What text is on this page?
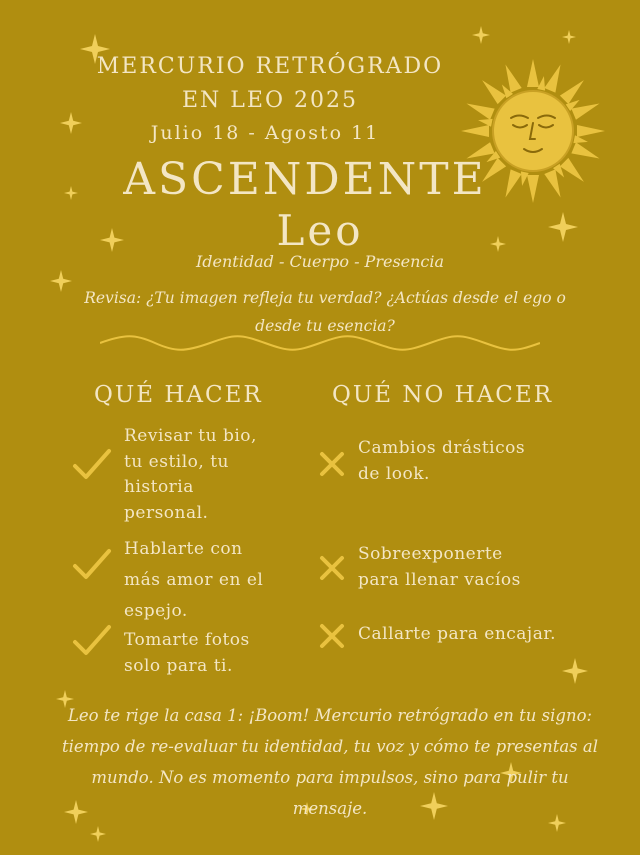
MERCURIO RETRÓGRADO
EN LEO 2025
Julio 18 - Agosto 11
ASCENDENTE
Leo
Identidad - Cuerpo - Presencia
Revisa: ¿Tu imagen refleja tu verdad? ¿Actúas desde el ego o desde tu esencia?
QUÉ HACER	QUÉ NO HACER
Revisar tu bio,
tu estilo, tu
historia
personal.
Hablarte con
más amor en el
espejo.
Tomarte fotos
solo para ti.
Cambios drásticos
de look.
Sobreexponerte
para llenar vacíos
Callarte para encajar.
Leo te rige la casa 1: ¡Boom! Mercurio retrógrado en tu signo: tiempo de re-evaluar tu identidad, tu voz y cómo te presentas al mundo. No es momento para impulsos, sino para pulir tu mensaje.
